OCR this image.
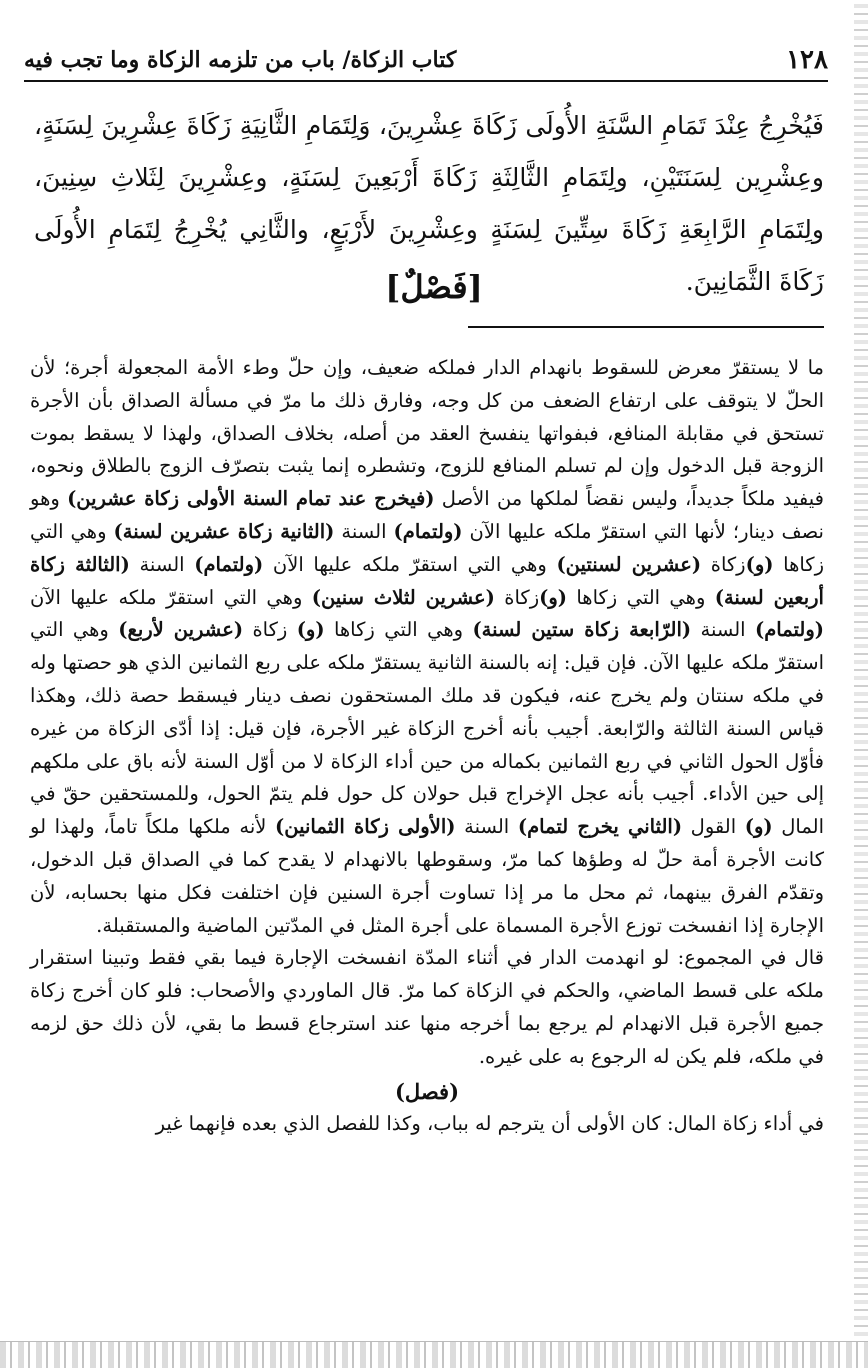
١٢٨
كتاب الزكاة/ باب من تلزمه الزكاة وما تجب فيه

فَيُخْرِجُ عِنْدَ تَمَامِ السَّنَةِ الأُولَى زَكَاةَ عِشْرِينَ، وَلِتَمَامِ الثَّانِيَةِ زَكَاةَ عِشْرِينَ لِسَنَةٍ، وعِشْرِين لِسَنَتَيْنِ، ولِتَمَامِ الثَّالِثَةِ زَكَاةَ أَرْبَعِينَ لِسَنَةٍ، وعِشْرِينَ لِثَلاثِ سِنِينَ، ولِتَمَامِ الرَّابِعَةِ زَكَاةَ سِتِّينَ لِسَنَةٍ وعِشْرِينَ لأَرْبَعٍ، والثَّانِي يُخْرِجُ لِتَمَامِ الأُولَى زَكَاةَ الثَّمَانِينَ.

[فَصْلٌ]

ما لا يستقرّ معرض للسقوط بانهدام الدار فملكه ضعيف، وإن حلّ وطء الأمة المجعولة أجرة؛ لأن الحلّ لا يتوقف على ارتفاع الضعف من كل وجه، وفارق ذلك ما مرّ في مسألة الصداق بأن الأجرة تستحق في مقابلة المنافع، فبفواتها ينفسخ العقد من أصله، بخلاف الصداق، ولهذا لا يسقط بموت الزوجة قبل الدخول وإن لم تسلم المنافع للزوج، وتشطره إنما يثبت بتصرّف الزوج بالطلاق ونحوه، فيفيد ملكاً جديداً، وليس نقضاً لملكها من الأصل (فيخرج عند تمام السنة الأولى زكاة عشرين) وهو نصف دينار؛ لأنها التي استقرّ ملكه عليها الآن (ولتمام) السنة (الثانية زكاة عشرين لسنة) وهي التي زكاها (و)زكاة (عشرين لسنتين) وهي التي استقرّ ملكه عليها الآن (ولتمام) السنة (الثالثة زكاة أربعين لسنة) وهي التي زكاها (و)زكاة (عشرين لثلاث سنين) وهي التي استقرّ ملكه عليها الآن (ولتمام) السنة (الرّابعة زكاة ستين لسنة) وهي التي زكاها (و) زكاة (عشرين لأربع) وهي التي استقرّ ملكه عليها الآن. فإن قيل: إنه بالسنة الثانية يستقرّ ملكه على ربع الثمانين الذي هو حصتها وله في ملكه سنتان ولم يخرج عنه، فيكون قد ملك المستحقون نصف دينار فيسقط حصة ذلك، وهكذا قياس السنة الثالثة والرّابعة. أجيب بأنه أخرج الزكاة غير الأجرة، فإن قيل: إذا أدّى الزكاة من غيره فأوّل الحول الثاني في ربع الثمانين بكماله من حين أداء الزكاة لا من أوّل السنة لأنه باق على ملكهم إلى حين الأداء. أجيب بأنه عجل الإخراج قبل حولان كل حول فلم يتمّ الحول، وللمستحقين حقّ في المال (و) القول (الثاني يخرج لتمام) السنة (الأولى زكاة الثمانين) لأنه ملكها ملكاً تاماً، ولهذا لو كانت الأجرة أمة حلّ له وطؤها كما مرّ، وسقوطها بالانهدام لا يقدح كما في الصداق قبل الدخول، وتقدّم الفرق بينهما، ثم محل ما مر إذا تساوت أجرة السنين فإن اختلفت فكل منها بحسابه، لأن الإجارة إذا انفسخت توزع الأجرة المسماة على أجرة المثل في المدّتين الماضية والمستقبلة.

قال في المجموع: لو انهدمت الدار في أثناء المدّة انفسخت الإجارة فيما بقي فقط وتبينا استقرار ملكه على قسط الماضي، والحكم في الزكاة كما مرّ. قال الماوردي والأصحاب: فلو كان أخرج زكاة جميع الأجرة قبل الانهدام لم يرجع بما أخرجه منها عند استرجاع قسط ما بقي، لأن ذلك حق لزمه في ملكه، فلم يكن له الرجوع به على غيره.

(فصل)

في أداء زكاة المال: كان الأولى أن يترجم له بباب، وكذا للفصل الذي بعده فإنهما غير
